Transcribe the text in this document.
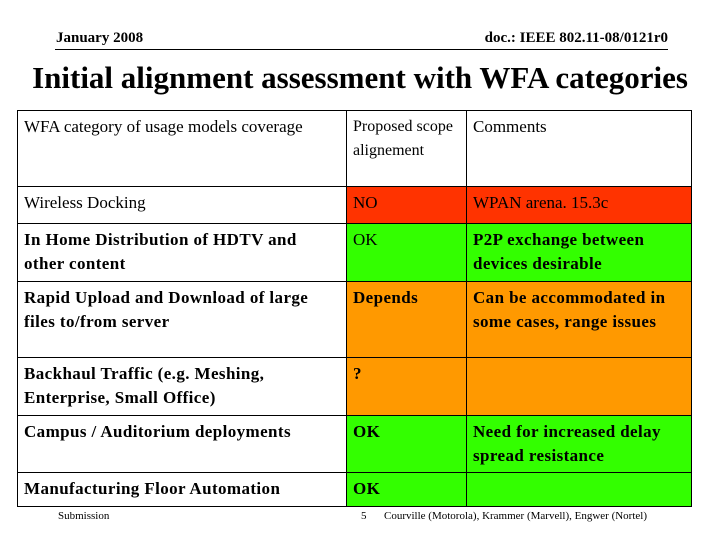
January 2008	doc.: IEEE 802.11-08/0121r0
Initial alignment assessment with WFA categories
WFA category of usage models coverage	Proposed scope alignement	Comments
Wireless Docking	NO	WPAN arena. 15.3c
In Home Distribution of HDTV and other content	OK	P2P exchange between devices desirable
Rapid Upload and Download of large files to/from server	Depends	Can be accommodated in some cases, range issues
Backhaul Traffic (e.g. Meshing, Enterprise, Small Office)	?	
Campus / Auditorium deployments	OK	Need for increased delay spread resistance
Manufacturing Floor Automation	OK	
Submission	5 Courville (Motorola), Krammer (Marvell), Engwer (Nortel)
